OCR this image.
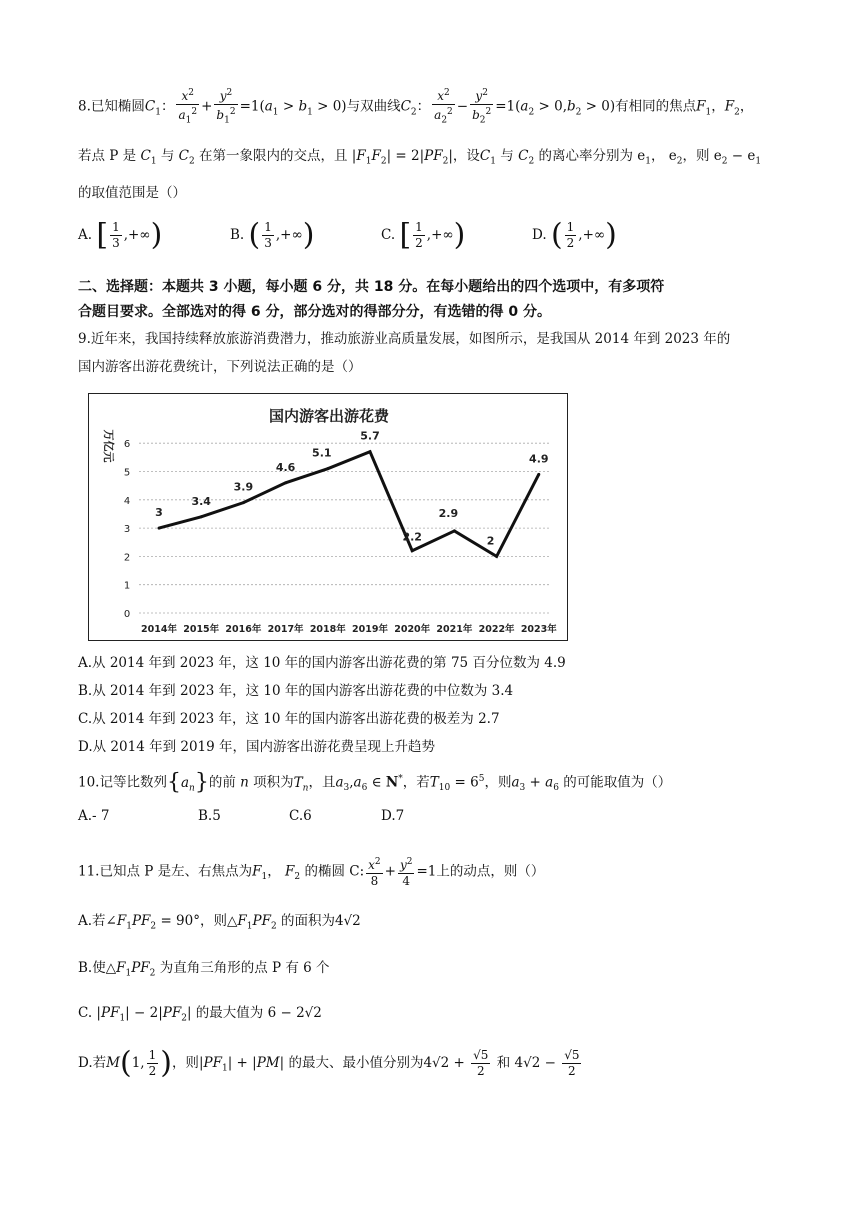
8.已知椭圆$C_1$： $\frac{x^2}{a_1^2} + \frac{y^2}{b_1^2} =1(a_1 > b_1 > 0)$与双曲线$C_2$： $\frac{x^2}{a_2^2} - \frac{y^2}{b_2^2} =1(a_2 > 0,b_2 > 0)$有相同的焦点$F_1$，$F_2$，
若点 P 是 $C_1$ 与 $C_2$ 在第一象限内的交点，且 $|F_1F_2| = 2|PF_2|$，设$C_1$ 与 $C_2$ 的离心率分别为 $e_1$， $e_2$，则 $e_2 - e_1$
的取值范围是（）
A. [ $\frac{1}{3}$ ,+∞)	B. ( $\frac{1}{3}$ ,+∞)	C. [ $\frac{1}{2}$ ,+∞)	D. ( $\frac{1}{2}$ ,+∞)
二、选择题：本题共 3 小题，每小题 6 分，共 18 分。在每小题给出的四个选项中，有多项符
合题目要求。全部选对的得 6 分，部分选对的得部分分，有选错的得 0 分。
9.近年来，我国持续释放旅游消费潜力，推动旅游业高质量发展，如图所示，是我国从 2014 年到 2023 年的
国内游客出游花费统计，下列说法正确的是（）
国内游客出游花费
万亿元
0
1
2
3
4
5
6
2014年 2015年 2016年 2017年 2018年 2019年 2020年 2021年 2022年 2023年
3
3.4
3.9
4.6
5.1
5.7
2.2
2.9
2
4.9
A.从 2014 年到 2023 年，这 10 年的国内游客出游花费的第 75 百分位数为 4.9
B.从 2014 年到 2023 年，这 10 年的国内游客出游花费的中位数为 3.4
C.从 2014 年到 2023 年，这 10 年的国内游客出游花费的极差为 2.7
D.从 2014 年到 2019 年，国内游客出游花费呈现上升趋势
10.记等比数列$\{a_n\}$的前 n 项积为$T_n$，且$a_3,a_6$ ∈ N*，若$T_{10} = 6^5$，则$a_3 + a_6$ 的可能取值为（）
A.- 7	B.5	C.6	D.7
11.已知点 P 是左、右焦点为$F_1$， $F_2$ 的椭圆 C: $\frac{x^2}{8} + \frac{y^2}{4} =1$上的动点，则（）
A.若$\angle F_1PF_2 = 90^\circ$，则$\triangle F_1PF_2$ 的面积为4√2
B.使$\triangle F_1PF_2$ 为直角三角形的点 P 有 6 个
C. $|PF_1| - 2|PF_2|$ 的最大值为 6 − 2√2
D.若M(1, $\frac{1}{2}$ )，则$|PF_1| + |PM|$ 的最大、最小值分别为$4√2 + \frac{√5}{2}$ 和 $4√2 - \frac{√5}{2}$
